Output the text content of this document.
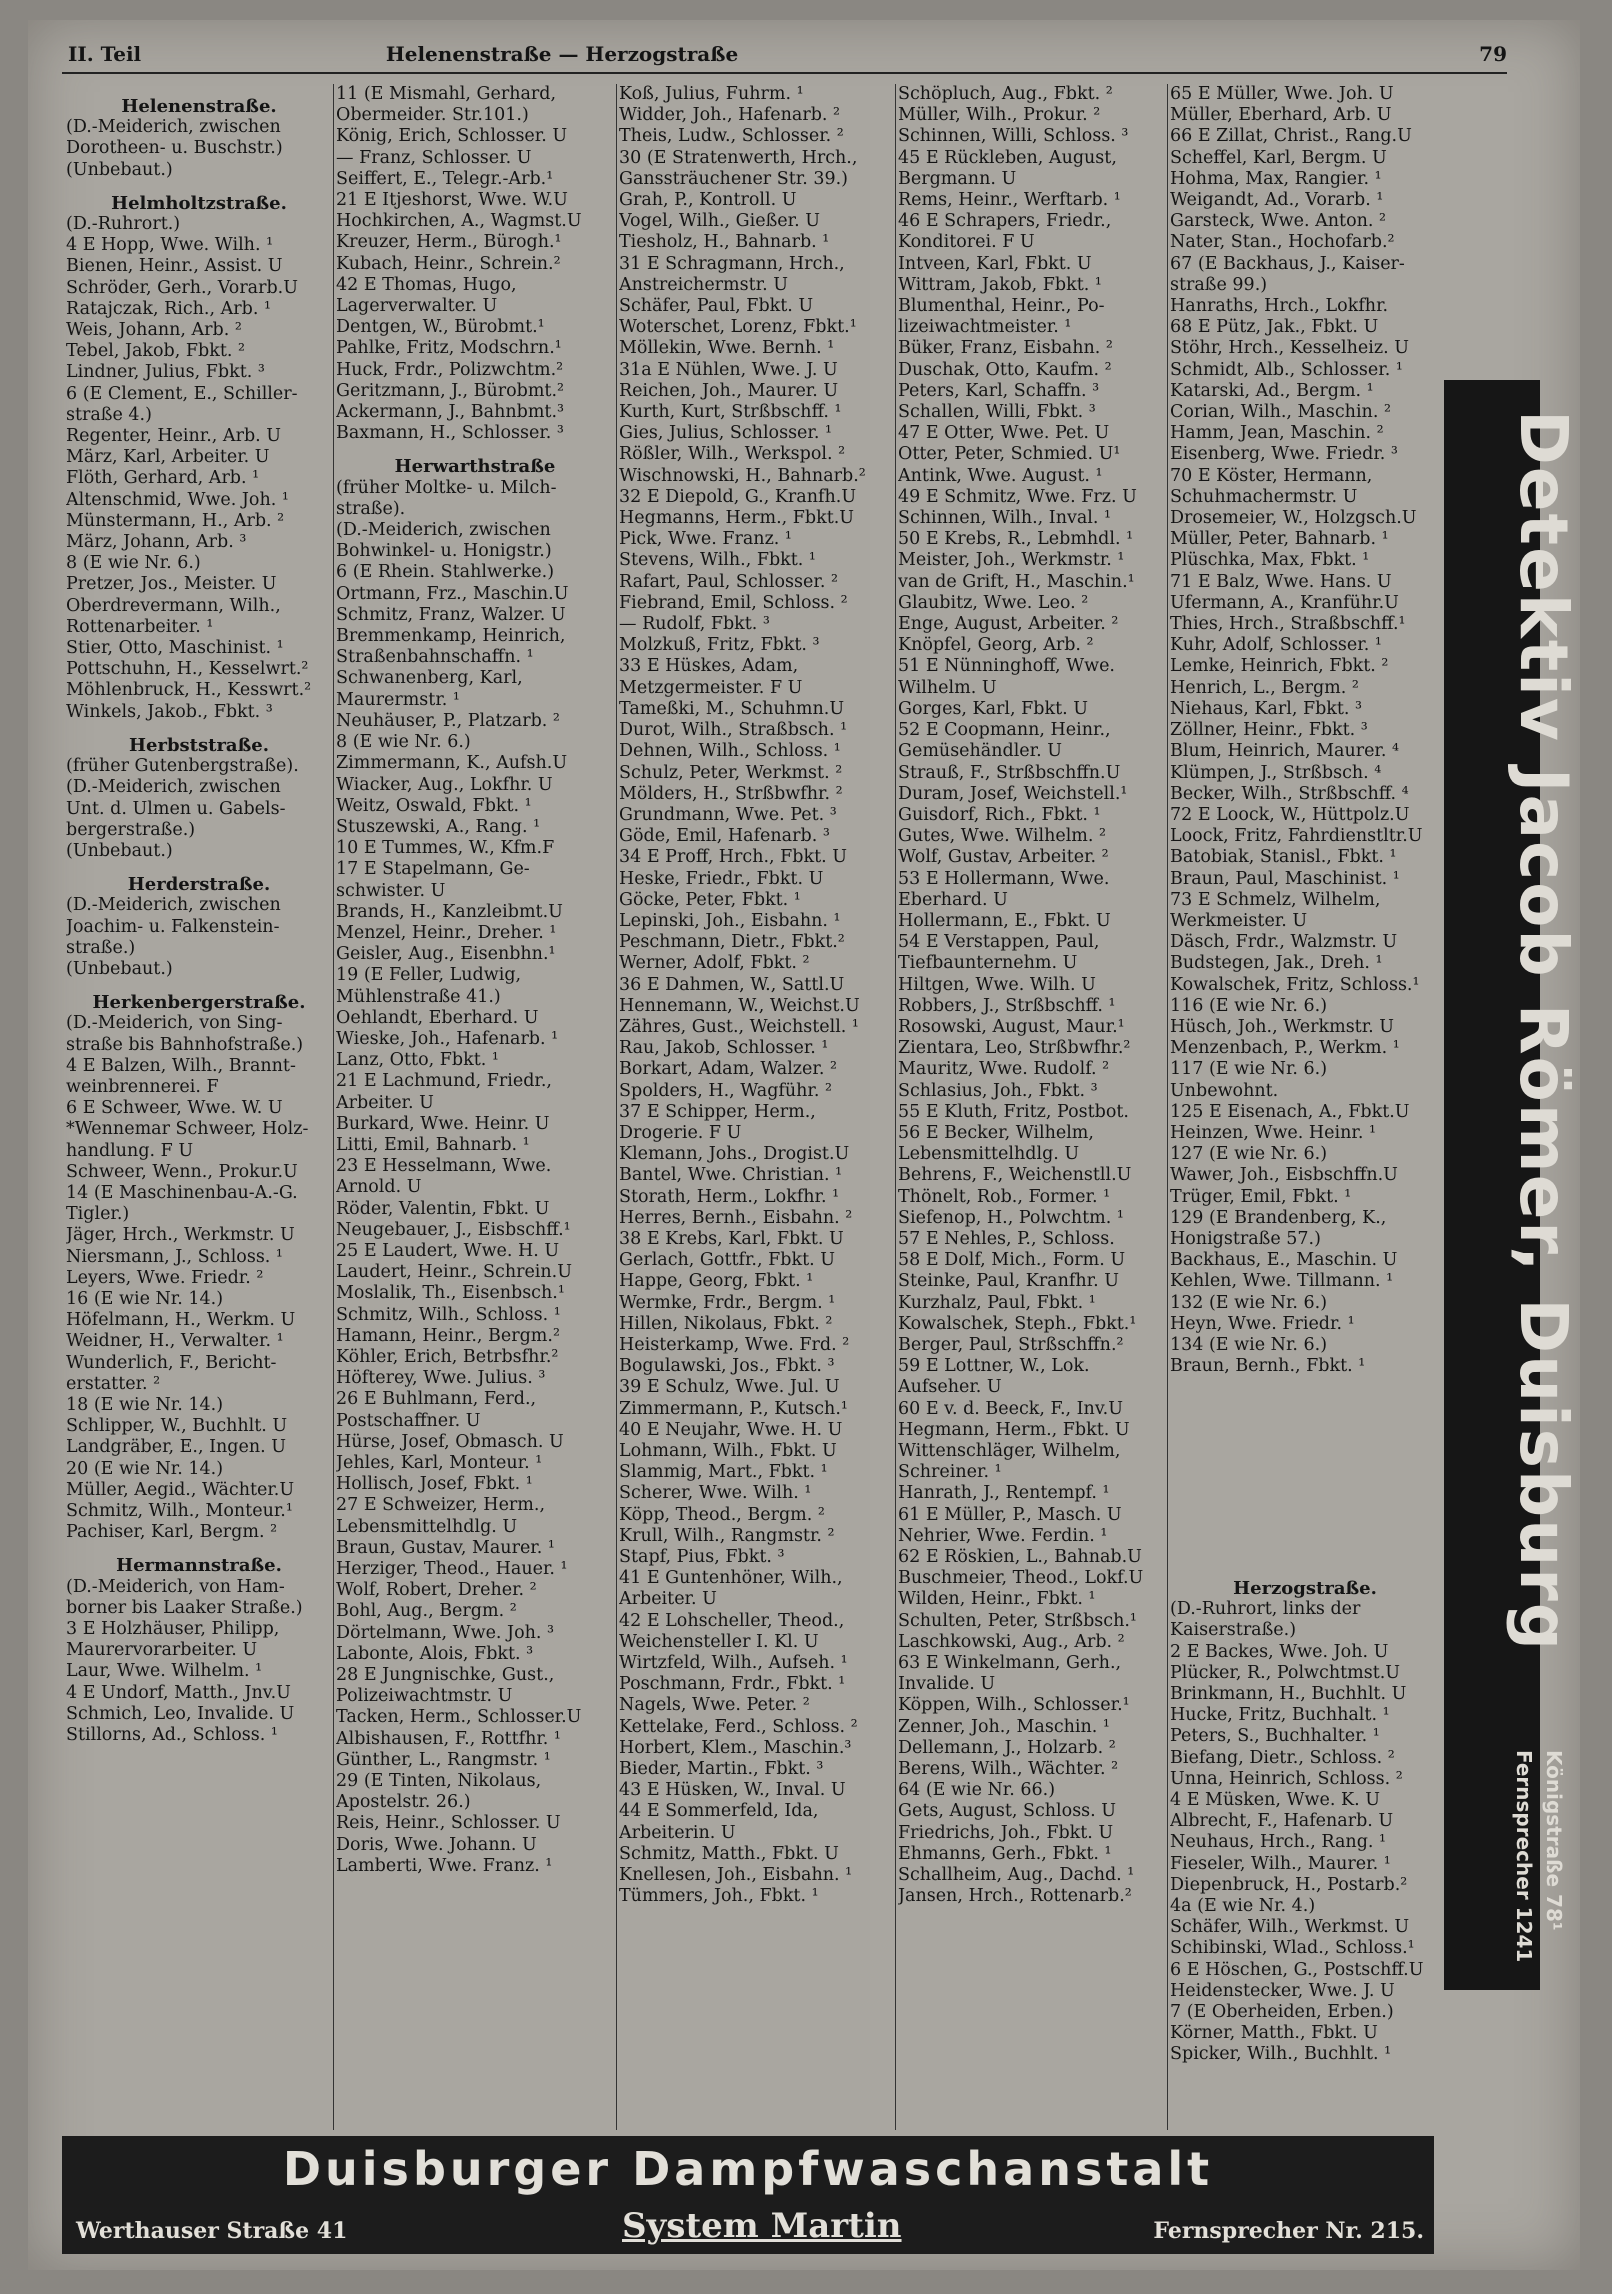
II. Teil	Helenenstraße — Herzogstraße	79
Helenenstraße.
(D.-Meiderich, zwischen
Dorotheen- u. Buschstr.)
(Unbebaut.)
Helmholtzstraße.
(D.-Ruhrort.)
4 E Hopp, Wwe. Wilh. ¹
Bienen, Heinr., Assist. U
Schröder, Gerh., Vorarb.U
Ratajczak, Rich., Arb. ¹
Weis, Johann, Arb. ²
Tebel, Jakob, Fbkt. ²
Lindner, Julius, Fbkt. ³
6 (E Clement, E., Schiller-
straße 4.)
Regenter, Heinr., Arb. U
März, Karl, Arbeiter. U
Flöth, Gerhard, Arb. ¹
Altenschmid, Wwe. Joh. ¹
Münstermann, H., Arb. ²
März, Johann, Arb. ³
8 (E wie Nr. 6.)
Pretzer, Jos., Meister. U
Oberdrevermann, Wilh.,
Rottenarbeiter. ¹
Stier, Otto, Maschinist. ¹
Pottschuhn, H., Kesselwrt.²
Möhlenbruck, H., Kesswrt.²
Winkels, Jakob., Fbkt. ³
Herbststraße.
(früher Gutenbergstraße).
(D.-Meiderich, zwischen
Unt. d. Ulmen u. Gabels-
bergerstraße.)
(Unbebaut.)
Herderstraße.
(D.-Meiderich, zwischen
Joachim- u. Falkenstein-
straße.)
(Unbebaut.)
Herkenbergerstraße.
(D.-Meiderich, von Sing-
straße bis Bahnhofstraße.)
4 E Balzen, Wilh., Brannt-
weinbrennerei. F
6 E Schweer, Wwe. W. U
*Wennemar Schweer, Holz-
handlung. F U
Schweer, Wenn., Prokur.U
14 (E Maschinenbau-A.-G.
Tigler.)
Jäger, Hrch., Werkmstr. U
Niersmann, J., Schloss. ¹
Leyers, Wwe. Friedr. ²
16 (E wie Nr. 14.)
Höfelmann, H., Werkm. U
Weidner, H., Verwalter. ¹
Wunderlich, F., Bericht-
erstatter. ²
18 (E wie Nr. 14.)
Schlipper, W., Buchhlt. U
Landgräber, E., Ingen. U
20 (E wie Nr. 14.)
Müller, Aegid., Wächter.U
Schmitz, Wilh., Monteur.¹
Pachiser, Karl, Bergm. ²
Hermannstraße.
(D.-Meiderich, von Ham-
borner bis Laaker Straße.)
3 E Holzhäuser, Philipp,
Maurervorarbeiter. U
Laur, Wwe. Wilhelm. ¹
4 E Undorf, Matth., Jnv.U
Schmich, Leo, Invalide. U
Stillorns, Ad., Schloss. ¹
11 (E Mismahl, Gerhard,
Obermeider. Str.101.)
König, Erich, Schlosser. U
— Franz, Schlosser. U
Seiffert, E., Telegr.-Arb.¹
21 E Itjeshorst, Wwe. W.U
Hochkirchen, A., Wagmst.U
Kreuzer, Herm., Bürogh.¹
Kubach, Heinr., Schrein.²
42 E Thomas, Hugo,
Lagerverwalter. U
Dentgen, W., Bürobmt.¹
Pahlke, Fritz, Modschrn.¹
Huck, Frdr., Polizwchtm.²
Geritzmann, J., Bürobmt.²
Ackermann, J., Bahnbmt.³
Baxmann, H., Schlosser. ³
Herwarthstraße
(früher Moltke- u. Milch-
straße).
(D.-Meiderich, zwischen
Bohwinkel- u. Honigstr.)
6 (E Rhein. Stahlwerke.)
Ortmann, Frz., Maschin.U
Schmitz, Franz, Walzer. U
Bremmenkamp, Heinrich,
Straßenbahnschaffn. ¹
Schwanenberg, Karl,
Maurermstr. ¹
Neuhäuser, P., Platzarb. ²
8 (E wie Nr. 6.)
Zimmermann, K., Aufsh.U
Wiacker, Aug., Lokfhr. U
Weitz, Oswald, Fbkt. ¹
Stuszewski, A., Rang. ¹
10 E Tummes, W., Kfm.F
17 E Stapelmann, Ge-
schwister. U
Brands, H., Kanzleibmt.U
Menzel, Heinr., Dreher. ¹
Geisler, Aug., Eisenbhn.¹
19 (E Feller, Ludwig,
Mühlenstraße 41.)
Oehlandt, Eberhard. U
Wieske, Joh., Hafenarb. ¹
Lanz, Otto, Fbkt. ¹
21 E Lachmund, Friedr.,
Arbeiter. U
Burkard, Wwe. Heinr. U
Litti, Emil, Bahnarb. ¹
23 E Hesselmann, Wwe.
Arnold. U
Röder, Valentin, Fbkt. U
Neugebauer, J., Eisbschff.¹
25 E Laudert, Wwe. H. U
Laudert, Heinr., Schrein.U
Moslalik, Th., Eisenbsch.¹
Schmitz, Wilh., Schloss. ¹
Hamann, Heinr., Bergm.²
Köhler, Erich, Betrbsfhr.²
Höfterey, Wwe. Julius. ³
26 E Buhlmann, Ferd.,
Postschaffner. U
Hürse, Josef, Obmasch. U
Jehles, Karl, Monteur. ¹
Hollisch, Josef, Fbkt. ¹
27 E Schweizer, Herm.,
Lebensmittelhdlg. U
Braun, Gustav, Maurer. ¹
Herziger, Theod., Hauer. ¹
Wolf, Robert, Dreher. ²
Bohl, Aug., Bergm. ²
Dörtelmann, Wwe. Joh. ³
Labonte, Alois, Fbkt. ³
28 E Jungnischke, Gust.,
Polizeiwachtmstr. U
Tacken, Herm., Schlosser.U
Albishausen, F., Rottfhr. ¹
Günther, L., Rangmstr. ¹
29 (E Tinten, Nikolaus,
Apostelstr. 26.)
Reis, Heinr., Schlosser. U
Doris, Wwe. Johann. U
Lamberti, Wwe. Franz. ¹
Koß, Julius, Fuhrm. ¹
Widder, Joh., Hafenarb. ²
Theis, Ludw., Schlosser. ²
30 (E Stratenwerth, Hrch.,
Ganssträuchener Str. 39.)
Grah, P., Kontroll. U
Vogel, Wilh., Gießer. U
Tiesholz, H., Bahnarb. ¹
31 E Schragmann, Hrch.,
Anstreichermstr. U
Schäfer, Paul, Fbkt. U
Woterschet, Lorenz, Fbkt.¹
Möllekin, Wwe. Bernh. ¹
31a E Nühlen, Wwe. J. U
Reichen, Joh., Maurer. U
Kurth, Kurt, Strßbschff. ¹
Gies, Julius, Schlosser. ¹
Rößler, Wilh., Werkspol. ²
Wischnowski, H., Bahnarb.²
32 E Diepold, G., Kranfh.U
Hegmanns, Herm., Fbkt.U
Pick, Wwe. Franz. ¹
Stevens, Wilh., Fbkt. ¹
Rafart, Paul, Schlosser. ²
Fiebrand, Emil, Schloss. ²
— Rudolf, Fbkt. ³
Molzkuß, Fritz, Fbkt. ³
33 E Hüskes, Adam,
Metzgermeister. F U
Tameßki, M., Schuhmn.U
Durot, Wilh., Straßbsch. ¹
Dehnen, Wilh., Schloss. ¹
Schulz, Peter, Werkmst. ²
Mölders, H., Strßbwfhr. ²
Grundmann, Wwe. Pet. ³
Göde, Emil, Hafenarb. ³
34 E Proff, Hrch., Fbkt. U
Heske, Friedr., Fbkt. U
Göcke, Peter, Fbkt. ¹
Lepinski, Joh., Eisbahn. ¹
Peschmann, Dietr., Fbkt.²
Werner, Adolf, Fbkt. ²
36 E Dahmen, W., Sattl.U
Hennemann, W., Weichst.U
Zähres, Gust., Weichstell. ¹
Rau, Jakob, Schlosser. ¹
Borkart, Adam, Walzer. ²
Spolders, H., Wagführ. ²
37 E Schipper, Herm.,
Drogerie. F U
Klemann, Johs., Drogist.U
Bantel, Wwe. Christian. ¹
Storath, Herm., Lokfhr. ¹
Herres, Bernh., Eisbahn. ²
38 E Krebs, Karl, Fbkt. U
Gerlach, Gottfr., Fbkt. U
Happe, Georg, Fbkt. ¹
Wermke, Frdr., Bergm. ¹
Hillen, Nikolaus, Fbkt. ²
Heisterkamp, Wwe. Frd. ²
Bogulawski, Jos., Fbkt. ³
39 E Schulz, Wwe. Jul. U
Zimmermann, P., Kutsch.¹
40 E Neujahr, Wwe. H. U
Lohmann, Wilh., Fbkt. U
Slammig, Mart., Fbkt. ¹
Scherer, Wwe. Wilh. ¹
Köpp, Theod., Bergm. ²
Krull, Wilh., Rangmstr. ²
Stapf, Pius, Fbkt. ³
41 E Guntenhöner, Wilh.,
Arbeiter. U
42 E Lohscheller, Theod.,
Weichensteller I. Kl. U
Wirtzfeld, Wilh., Aufseh. ¹
Poschmann, Frdr., Fbkt. ¹
Nagels, Wwe. Peter. ²
Kettelake, Ferd., Schloss. ²
Horbert, Klem., Maschin.³
Bieder, Martin., Fbkt. ³
43 E Hüsken, W., Inval. U
44 E Sommerfeld, Ida,
Arbeiterin. U
Schmitz, Matth., Fbkt. U
Knellesen, Joh., Eisbahn. ¹
Tümmers, Joh., Fbkt. ¹
Schöpluch, Aug., Fbkt. ²
Müller, Wilh., Prokur. ²
Schinnen, Willi, Schloss. ³
45 E Rückleben, August,
Bergmann. U
Rems, Heinr., Werftarb. ¹
46 E Schrapers, Friedr.,
Konditorei. F U
Intveen, Karl, Fbkt. U
Wittram, Jakob, Fbkt. ¹
Blumenthal, Heinr., Po-
lizeiwachtmeister. ¹
Büker, Franz, Eisbahn. ²
Duschak, Otto, Kaufm. ²
Peters, Karl, Schaffn. ³
Schallen, Willi, Fbkt. ³
47 E Otter, Wwe. Pet. U
Otter, Peter, Schmied. U¹
Antink, Wwe. August. ¹
49 E Schmitz, Wwe. Frz. U
Schinnen, Wilh., Inval. ¹
50 E Krebs, R., Lebmhdl. ¹
Meister, Joh., Werkmstr. ¹
van de Grift, H., Maschin.¹
Glaubitz, Wwe. Leo. ²
Enge, August, Arbeiter. ²
Knöpfel, Georg, Arb. ²
51 E Nünninghoff, Wwe.
Wilhelm. U
Gorges, Karl, Fbkt. U
52 E Coopmann, Heinr.,
Gemüsehändler. U
Strauß, F., Strßbschffn.U
Duram, Josef, Weichstell.¹
Guisdorf, Rich., Fbkt. ¹
Gutes, Wwe. Wilhelm. ²
Wolf, Gustav, Arbeiter. ²
53 E Hollermann, Wwe.
Eberhard. U
Hollermann, E., Fbkt. U
54 E Verstappen, Paul,
Tiefbaunternehm. U
Hiltgen, Wwe. Wilh. U
Robbers, J., Strßbschff. ¹
Rosowski, August, Maur.¹
Zientara, Leo, Strßbwfhr.²
Mauritz, Wwe. Rudolf. ²
Schlasius, Joh., Fbkt. ³
55 E Kluth, Fritz, Postbot.
56 E Becker, Wilhelm,
Lebensmittelhdlg. U
Behrens, F., Weichenstll.U
Thönelt, Rob., Former. ¹
Siefenop, H., Polwchtm. ¹
57 E Nehles, P., Schloss.
58 E Dolf, Mich., Form. U
Steinke, Paul, Kranfhr. U
Kurzhalz, Paul, Fbkt. ¹
Kowalschek, Steph., Fbkt.¹
Berger, Paul, Strßschffn.²
59 E Lottner, W., Lok.
Aufseher. U
60 E v. d. Beeck, F., Inv.U
Hegmann, Herm., Fbkt. U
Wittenschläger, Wilhelm,
Schreiner. ¹
Hanrath, J., Rentempf. ¹
61 E Müller, P., Masch. U
Nehrier, Wwe. Ferdin. ¹
62 E Röskien, L., Bahnab.U
Buschmeier, Theod., Lokf.U
Wilden, Heinr., Fbkt. ¹
Schulten, Peter, Strßbsch.¹
Laschkowski, Aug., Arb. ²
63 E Winkelmann, Gerh.,
Invalide. U
Köppen, Wilh., Schlosser.¹
Zenner, Joh., Maschin. ¹
Dellemann, J., Holzarb. ²
Berens, Wilh., Wächter. ²
64 (E wie Nr. 66.)
Gets, August, Schloss. U
Friedrichs, Joh., Fbkt. U
Ehmanns, Gerh., Fbkt. ¹
Schallheim, Aug., Dachd. ¹
Jansen, Hrch., Rottenarb.²
65 E Müller, Wwe. Joh. U
Müller, Eberhard, Arb. U
66 E Zillat, Christ., Rang.U
Scheffel, Karl, Bergm. U
Hohma, Max, Rangier. ¹
Weigandt, Ad., Vorarb. ¹
Garsteck, Wwe. Anton. ²
Nater, Stan., Hochofarb.²
67 (E Backhaus, J., Kaiser-
straße 99.)
Hanraths, Hrch., Lokfhr.
68 E Pütz, Jak., Fbkt. U
Stöhr, Hrch., Kesselheiz. U
Schmidt, Alb., Schlosser. ¹
Katarski, Ad., Bergm. ¹
Corian, Wilh., Maschin. ²
Hamm, Jean, Maschin. ²
Eisenberg, Wwe. Friedr. ³
70 E Köster, Hermann,
Schuhmachermstr. U
Drosemeier, W., Holzgsch.U
Müller, Peter, Bahnarb. ¹
Plüschka, Max, Fbkt. ¹
71 E Balz, Wwe. Hans. U
Ufermann, A., Kranführ.U
Thies, Hrch., Straßbschff.¹
Kuhr, Adolf, Schlosser. ¹
Lemke, Heinrich, Fbkt. ²
Henrich, L., Bergm. ²
Niehaus, Karl, Fbkt. ³
Zöllner, Heinr., Fbkt. ³
Blum, Heinrich, Maurer. ⁴
Klümpen, J., Strßbsch. ⁴
Becker, Wilh., Strßbschff. ⁴
72 E Loock, W., Hüttpolz.U
Loock, Fritz, Fahrdienstltr.U
Batobiak, Stanisl., Fbkt. ¹
Braun, Paul, Maschinist. ¹
73 E Schmelz, Wilhelm,
Werkmeister. U
Däsch, Frdr., Walzmstr. U
Budstegen, Jak., Dreh. ¹
Kowalschek, Fritz, Schloss.¹
116 (E wie Nr. 6.)
Hüsch, Joh., Werkmstr. U
Menzenbach, P., Werkm. ¹
117 (E wie Nr. 6.)
Unbewohnt.
125 E Eisenach, A., Fbkt.U
Heinzen, Wwe. Heinr. ¹
127 (E wie Nr. 6.)
Wawer, Joh., Eisbschffn.U
Trüger, Emil, Fbkt. ¹
129 (E Brandenberg, K.,
Honigstraße 57.)
Backhaus, E., Maschin. U
Kehlen, Wwe. Tillmann. ¹
132 (E wie Nr. 6.)
Heyn, Wwe. Friedr. ¹
134 (E wie Nr. 6.)
Braun, Bernh., Fbkt. ¹
Herzogstraße.
(D.-Ruhrort, links der
Kaiserstraße.)
2 E Backes, Wwe. Joh. U
Plücker, R., Polwchtmst.U
Brinkmann, H., Buchhlt. U
Hucke, Fritz, Buchhalt. ¹
Peters, S., Buchhalter. ¹
Biefang, Dietr., Schloss. ²
Unna, Heinrich, Schloss. ²
4 E Müsken, Wwe. K. U
Albrecht, F., Hafenarb. U
Neuhaus, Hrch., Rang. ¹
Fieseler, Wilh., Maurer. ¹
Diepenbruck, H., Postarb.²
4a (E wie Nr. 4.)
Schäfer, Wilh., Werkmst. U
Schibinski, Wlad., Schloss.¹
6 E Höschen, G., Postschff.U
Heidenstecker, Wwe. J. U
7 (E Oberheiden, Erben.)
Körner, Matth., Fbkt. U
Spicker, Wilh., Buchhlt. ¹
Detektiv Jacob Römer, Duisburg
Königstraße 78¹
Fernsprecher 1241
Duisburger Dampfwaschanstalt
Werthauser Straße 41	System Martin	Fernsprecher Nr. 215.
